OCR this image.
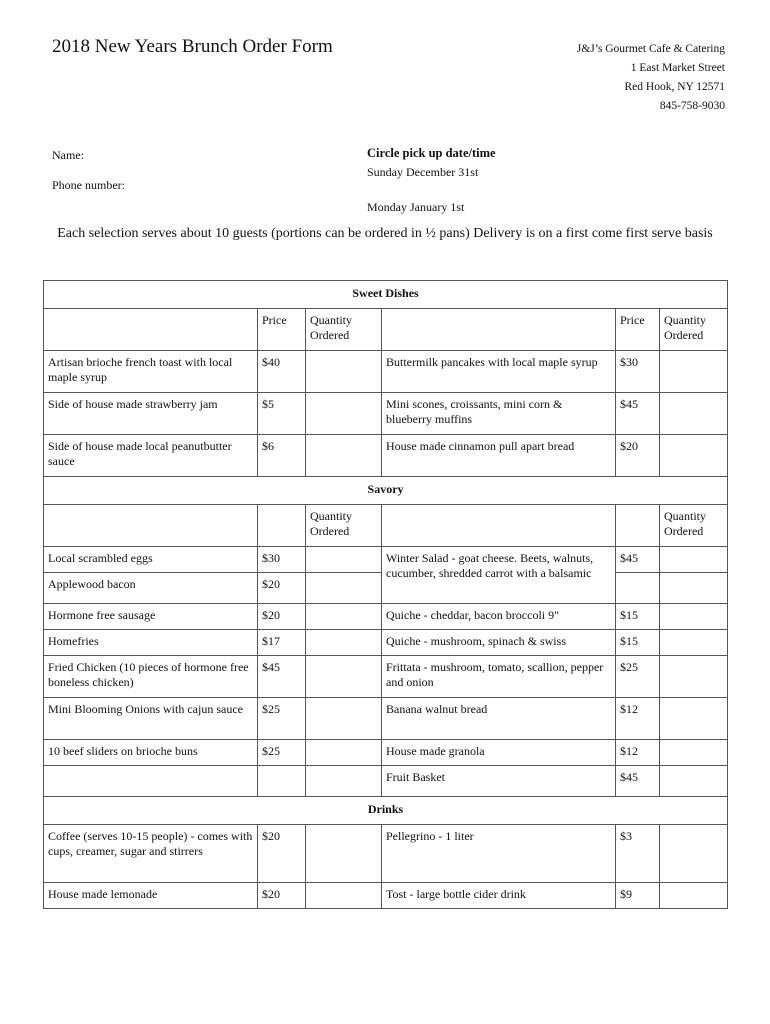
2018 New Years Brunch Order Form	J&J’s Gourmet Cafe & Catering
1 East Market Street
Red Hook, NY 12571
845-758-9030
Name:
Phone number:
Circle pick up date/time
Sunday December 31st
Monday January 1st
Each selection serves about 10 guests (portions can be ordered in ½ pans) Delivery is on a first come first serve basis
Sweet Dishes					
	Price	Quantity Ordered		Price	Quantity Ordered
Artisan brioche french toast with local maple syrup	$40		Buttermilk pancakes with local maple syrup	$30	
Side of house made strawberry jam	$5		Mini scones, croissants, mini corn & blueberry muffins	$45	
Side of house made local peanutbutter sauce	$6		House made cinnamon pull apart bread	$20	
Savory					
		Quantity Ordered			Quantity Ordered
Local scrambled eggs	$30		Winter Salad - goat cheese. Beets, walnuts, cucumber, shredded carrot with a balsamic	$45	
Applewood bacon	$20				
Hormone free sausage	$20		Quiche - cheddar, bacon broccoli 9"	$15	
Homefries	$17		Quiche - mushroom, spinach & swiss	$15	
Fried Chicken (10 pieces of hormone free boneless chicken)	$45		Frittata - mushroom, tomato, scallion, pepper and onion	$25	
Mini Blooming Onions with cajun sauce	$25		Banana walnut bread	$12	
10 beef sliders on brioche buns	$25		House made granola	$12	
			Fruit Basket	$45	
Drinks					
Coffee (serves 10-15 people) - comes with cups, creamer, sugar and stirrers	$20		Pellegrino - 1 liter	$3	
House made lemonade	$20		Tost - large bottle cider drink	$9	
